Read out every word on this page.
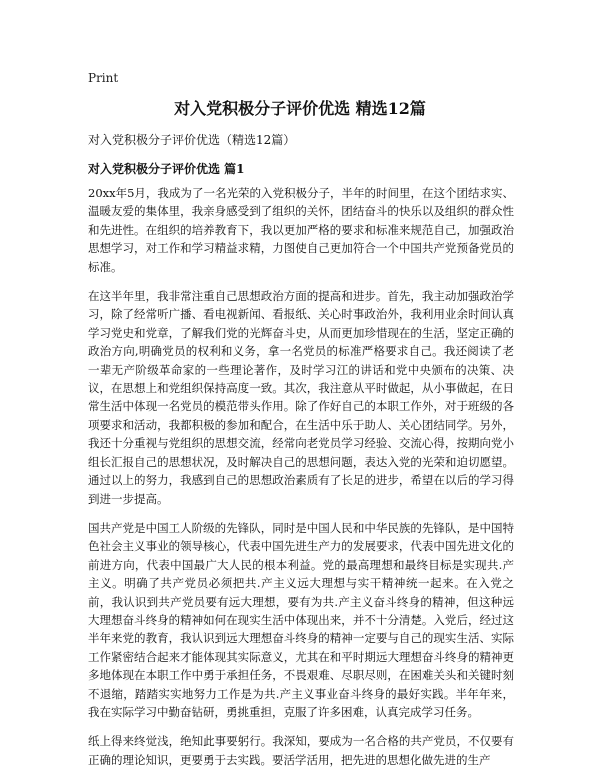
Print
对入党积极分子评价优选 精选12篇

对入党积极分子评价优选（精选12篇）

对入党积极分子评价优选 篇1

20xx年5月，我成为了一名光荣的入党积极分子，半年的时间里，在这个团结求实、温暖友爱的集体里，我亲身感受到了组织的关怀，团结奋斗的快乐以及组织的群众性和先进性。在组织的培养教育下，我以更加严格的要求和标准来规范自己，加强政治思想学习，对工作和学习精益求精，力图使自己更加符合一个中国共产党预备党员的标准。

在这半年里，我非常注重自己思想政治方面的提高和进步。首先，我主动加强政治学习，除了经常听广播、看电视新闻、看报纸、关心时事政治外，我利用业余时间认真学习党史和党章，了解我们党的光辉奋斗史，从而更加珍惜现在的生活，坚定正确的政治方向,明确党员的权利和义务，拿一名党员的标准严格要求自己。我还阅读了老一辈无产阶级革命家的一些理论著作，及时学习江的讲话和党中央颁布的决策、决议，在思想上和党组织保持高度一致。其次，我注意从平时做起，从小事做起，在日常生活中体现一名党员的模范带头作用。除了作好自己的本职工作外，对于班级的各项要求和活动，我都积极的参加和配合，在生活中乐于助人、关心团结同学。另外，我还十分重视与党组织的思想交流，经常向老党员学习经验、交流心得，按期向党小组长汇报自己的思想状况，及时解决自己的思想问题，表达入党的光荣和迫切愿望。通过以上的努力，我感到自己的思想政治素质有了长足的进步，希望在以后的学习得到进一步提高。

国共产党是中国工人阶级的先锋队，同时是中国人民和中华民族的先锋队，是中国特色社会主义事业的领导核心，代表中国先进生产力的发展要求，代表中国先进文化的前进方向，代表中国最广大人民的根本利益。党的最高理想和最终目标是实现共.产主义。明确了共产党员必须把共.产主义远大理想与实干精神统一起来。在入党之前，我认识到共产党员要有远大理想，要有为共.产主义奋斗终身的精神，但这种远大理想奋斗终身的精神如何在现实生活中体现出来，并不十分清楚。入党后，经过这半年来党的教育，我认识到远大理想奋斗终身的精神一定要与自己的现实生活、实际工作紧密结合起来才能体现其实际意义，尤其在和平时期远大理想奋斗终身的精神更多地体现在本职工作中勇于承担任务，不畏艰难、尽职尽则，在困难关头和关键时刻不退缩，踏踏实实地努力工作是为共.产主义事业奋斗终身的最好实践。半年年来，我在实际学习中勤奋钻研，勇挑重担，克服了许多困难，认真完成学习任务。

纸上得来终觉浅，绝知此事要躬行。我深知，要成为一名合格的共产党员，不仅要有正确的理论知识，更要勇于去实践。要活学活用，把先进的思想化做先进的生产
